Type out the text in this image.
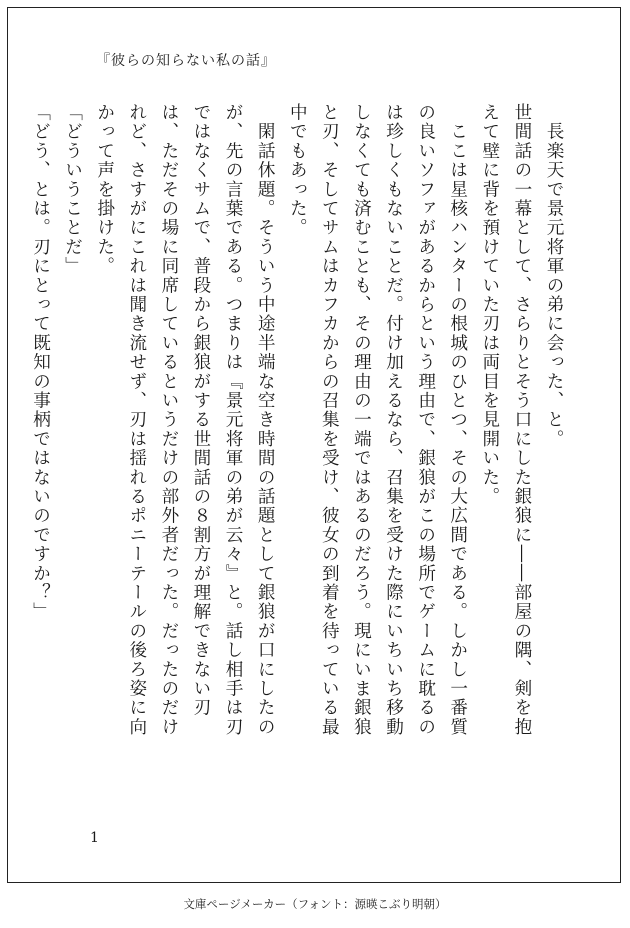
『彼らの知らない私の話』

　長楽天で景元将軍の弟に会った、と。

世間話の一幕として、さらりとそう口にした銀狼に――部屋の隅、剣を抱えて壁に背を預けていた刃は両目を見開いた。

　ここは星核ハンターの根城のひとつ、その大広間である。しかし一番質の良いソファがあるからという理由で、銀狼がこの場所でゲームに耽るのは珍しくもないことだ。付け加えるなら、召集を受けた際にいちいち移動しなくても済むことも、その理由の一端ではあるのだろう。現にいま銀狼と刃、そしてサムはカフカからの召集を受け、彼女の到着を待っている最中でもあった。

　閑話休題。そういう中途半端な空き時間の話題として銀狼が口にしたのが、先の言葉である。つまりは『景元将軍の弟が云々』と。話し相手は刃ではなくサムで、普段から銀狼がする世間話の８割方が理解できない刃は、ただその場に同席しているというだけの部外者だった。だったのだけれど、さすがにこれは聞き流せず、刃は揺れるポニーテールの後ろ姿に向かって声を掛けた。

「どういうことだ」

「どう、とは。刃にとって既知の事柄ではないのですか？」

1
文庫ページメーカー（フォント：源暎こぶり明朝）
